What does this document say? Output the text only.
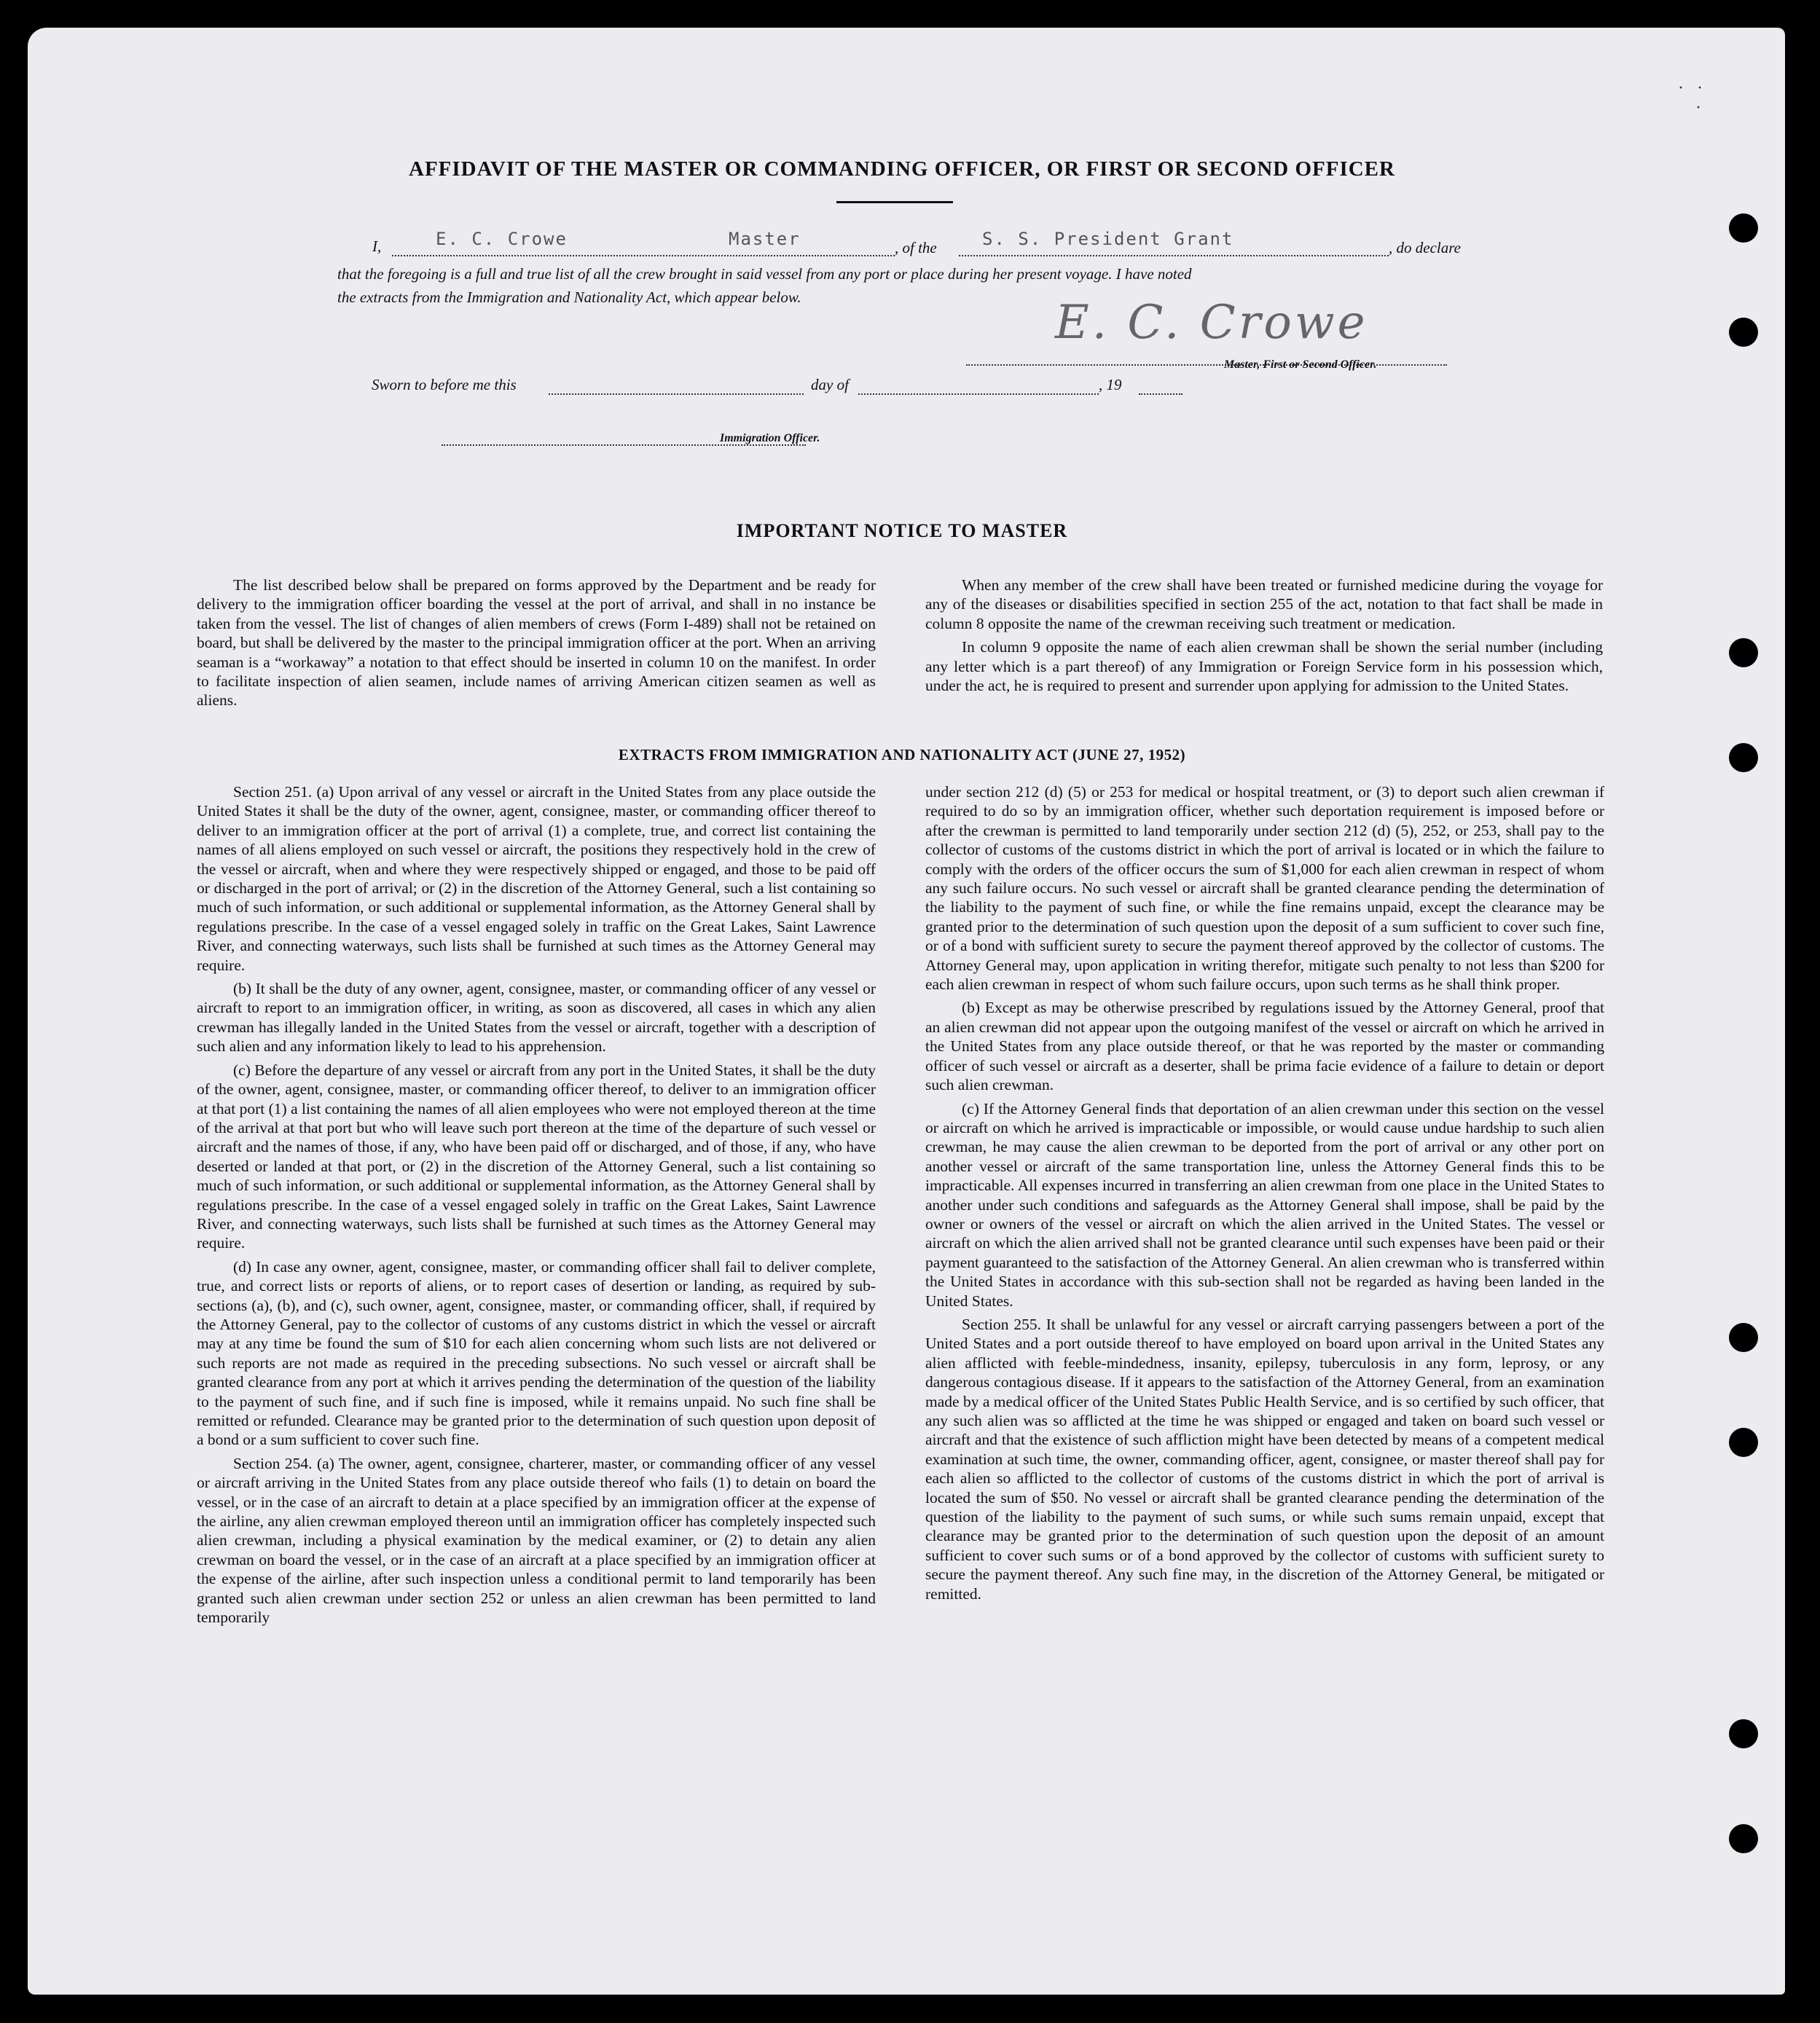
· ·
·
AFFIDAVIT OF THE MASTER OR COMMANDING OFFICER, OR FIRST OR SECOND OFFICER
I,	E. C. Crowe	Master	, of the	S. S. President Grant	, do declare
that the foregoing is a full and true list of all the crew brought in said vessel from any port or place during her present voyage. I have noted
the extracts from the Immigration and Nationality Act, which appear below.	E. C. Crowe
Master, First or Second Officer.
Sworn to before me this	day of	, 19
Immigration Officer.
IMPORTANT NOTICE TO MASTER

The list described below shall be prepared on forms approved by the Department and be ready for delivery to the immigration officer boarding the vessel at the port of arrival, and shall in no instance be taken from the vessel. The list of changes of alien members of crews (Form I-489) shall not be retained on board, but shall be delivered by the master to the principal immigration officer at the port. When an arriving seaman is a “workaway” a notation to that effect should be inserted in column 10 on the manifest. In order to facilitate inspection of alien seamen, include names of arriving American citizen seamen as well as aliens.

When any member of the crew shall have been treated or furnished medicine during the voyage for any of the diseases or disabilities specified in section 255 of the act, notation to that fact shall be made in column 8 opposite the name of the crewman receiving such treatment or medication.

In column 9 opposite the name of each alien crewman shall be shown the serial number (including any letter which is a part thereof) of any Immigration or Foreign Service form in his possession which, under the act, he is required to present and surrender upon applying for admission to the United States.

EXTRACTS FROM IMMIGRATION AND NATIONALITY ACT (JUNE 27, 1952)

Section 251. (a) Upon arrival of any vessel or aircraft in the United States from any place outside the United States it shall be the duty of the owner, agent, consignee, master, or commanding officer thereof to deliver to an immigration officer at the port of arrival (1) a complete, true, and correct list containing the names of all aliens employed on such vessel or aircraft, the positions they respectively hold in the crew of the vessel or aircraft, when and where they were respectively shipped or engaged, and those to be paid off or discharged in the port of arrival; or (2) in the discretion of the Attorney General, such a list containing so much of such information, or such additional or supplemental information, as the Attorney General shall by regulations prescribe. In the case of a vessel engaged solely in traffic on the Great Lakes, Saint Lawrence River, and connecting waterways, such lists shall be furnished at such times as the Attorney General may require.

(b) It shall be the duty of any owner, agent, consignee, master, or commanding officer of any vessel or aircraft to report to an immigration officer, in writing, as soon as discovered, all cases in which any alien crewman has illegally landed in the United States from the vessel or aircraft, together with a description of such alien and any information likely to lead to his apprehension.

(c) Before the departure of any vessel or aircraft from any port in the United States, it shall be the duty of the owner, agent, consignee, master, or commanding officer thereof, to deliver to an immigration officer at that port (1) a list containing the names of all alien employees who were not employed thereon at the time of the arrival at that port but who will leave such port thereon at the time of the departure of such vessel or aircraft and the names of those, if any, who have been paid off or discharged, and of those, if any, who have deserted or landed at that port, or (2) in the discretion of the Attorney General, such a list containing so much of such information, or such additional or supplemental information, as the Attorney General shall by regulations prescribe. In the case of a vessel engaged solely in traffic on the Great Lakes, Saint Lawrence River, and connecting waterways, such lists shall be furnished at such times as the Attorney General may require.

(d) In case any owner, agent, consignee, master, or commanding officer shall fail to deliver complete, true, and correct lists or reports of aliens, or to report cases of desertion or landing, as required by sub-sections (a), (b), and (c), such owner, agent, consignee, master, or commanding officer, shall, if required by the Attorney General, pay to the collector of customs of any customs district in which the vessel or aircraft may at any time be found the sum of $10 for each alien concerning whom such lists are not delivered or such reports are not made as required in the preceding subsections. No such vessel or aircraft shall be granted clearance from any port at which it arrives pending the determination of the question of the liability to the payment of such fine, and if such fine is imposed, while it remains unpaid. No such fine shall be remitted or refunded. Clearance may be granted prior to the determination of such question upon deposit of a bond or a sum sufficient to cover such fine.

Section 254. (a) The owner, agent, consignee, charterer, master, or commanding officer of any vessel or aircraft arriving in the United States from any place outside thereof who fails (1) to detain on board the vessel, or in the case of an aircraft to detain at a place specified by an immigration officer at the expense of the airline, any alien crewman employed thereon until an immigration officer has completely inspected such alien crewman, including a physical examination by the medical examiner, or (2) to detain any alien crewman on board the vessel, or in the case of an aircraft at a place specified by an immigration officer at the expense of the airline, after such inspection unless a conditional permit to land temporarily has been granted such alien crewman under section 252 or unless an alien crewman has been permitted to land temporarily

under section 212 (d) (5) or 253 for medical or hospital treatment, or (3) to deport such alien crewman if required to do so by an immigration officer, whether such deportation requirement is imposed before or after the crewman is permitted to land temporarily under section 212 (d) (5), 252, or 253, shall pay to the collector of customs of the customs district in which the port of arrival is located or in which the failure to comply with the orders of the officer occurs the sum of $1,000 for each alien crewman in respect of whom any such failure occurs. No such vessel or aircraft shall be granted clearance pending the determination of the liability to the payment of such fine, or while the fine remains unpaid, except the clearance may be granted prior to the determination of such question upon the deposit of a sum sufficient to cover such fine, or of a bond with sufficient surety to secure the payment thereof approved by the collector of customs. The Attorney General may, upon application in writing therefor, mitigate such penalty to not less than $200 for each alien crewman in respect of whom such failure occurs, upon such terms as he shall think proper.

(b) Except as may be otherwise prescribed by regulations issued by the Attorney General, proof that an alien crewman did not appear upon the outgoing manifest of the vessel or aircraft on which he arrived in the United States from any place outside thereof, or that he was reported by the master or commanding officer of such vessel or aircraft as a deserter, shall be prima facie evidence of a failure to detain or deport such alien crewman.

(c) If the Attorney General finds that deportation of an alien crewman under this section on the vessel or aircraft on which he arrived is impracticable or impossible, or would cause undue hardship to such alien crewman, he may cause the alien crewman to be deported from the port of arrival or any other port on another vessel or aircraft of the same transportation line, unless the Attorney General finds this to be impracticable. All expenses incurred in transferring an alien crewman from one place in the United States to another under such conditions and safeguards as the Attorney General shall impose, shall be paid by the owner or owners of the vessel or aircraft on which the alien arrived in the United States. The vessel or aircraft on which the alien arrived shall not be granted clearance until such expenses have been paid or their payment guaranteed to the satisfaction of the Attorney General. An alien crewman who is transferred within the United States in accordance with this sub-section shall not be regarded as having been landed in the United States.

Section 255. It shall be unlawful for any vessel or aircraft carrying passengers between a port of the United States and a port outside thereof to have employed on board upon arrival in the United States any alien afflicted with feeble-mindedness, insanity, epilepsy, tuberculosis in any form, leprosy, or any dangerous contagious disease. If it appears to the satisfaction of the Attorney General, from an examination made by a medical officer of the United States Public Health Service, and is so certified by such officer, that any such alien was so afflicted at the time he was shipped or engaged and taken on board such vessel or aircraft and that the existence of such affliction might have been detected by means of a competent medical examination at such time, the owner, commanding officer, agent, consignee, or master thereof shall pay for each alien so afflicted to the collector of customs of the customs district in which the port of arrival is located the sum of $50. No vessel or aircraft shall be granted clearance pending the determination of the question of the liability to the payment of such sums, or while such sums remain unpaid, except that clearance may be granted prior to the determination of such question upon the deposit of an amount sufficient to cover such sums or of a bond approved by the collector of customs with sufficient surety to secure the payment thereof. Any such fine may, in the discretion of the Attorney General, be mitigated or remitted.
